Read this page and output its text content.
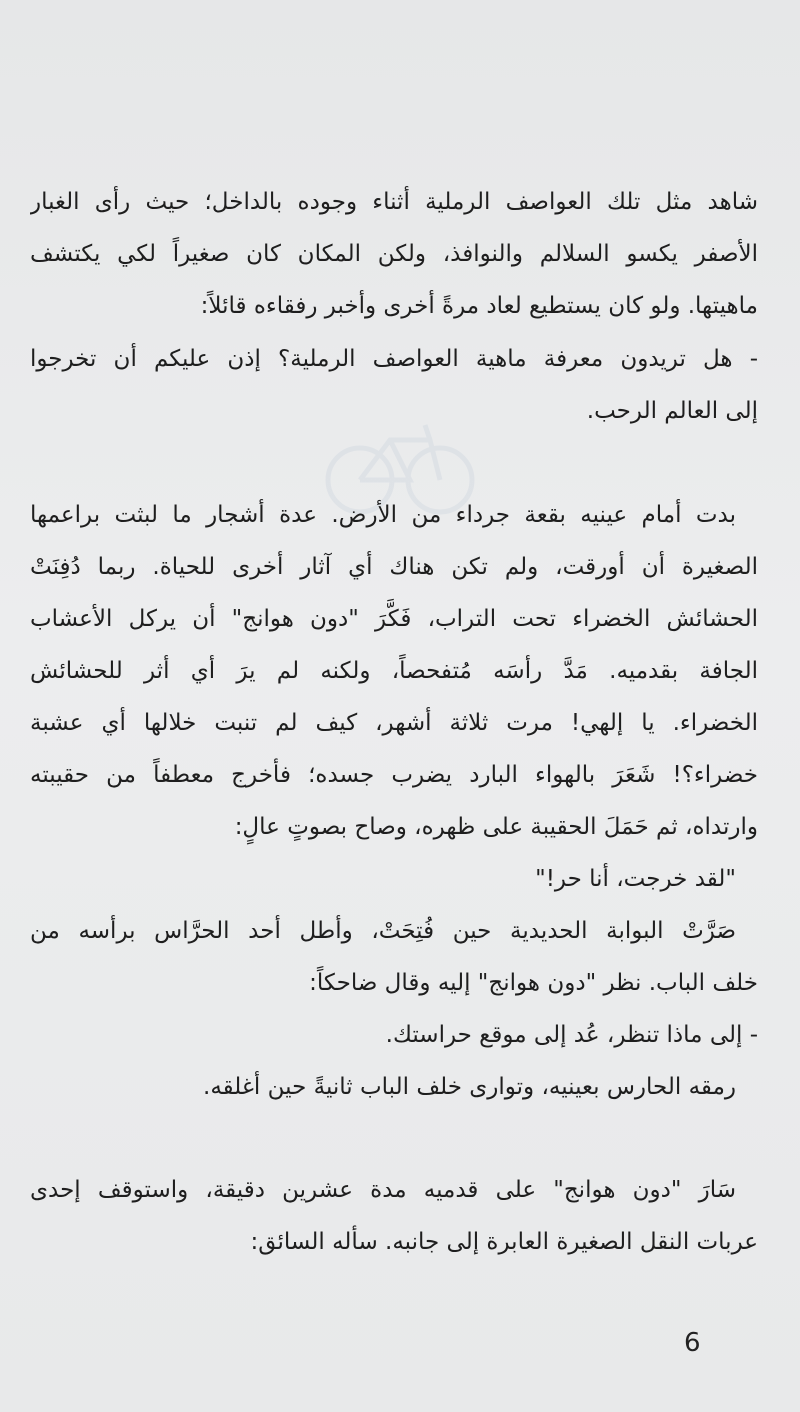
شاهد مثل تلك العواصف الرملية أثناء وجوده بالداخل؛ حيث رأى الغبار
الأصفر يكسو السلالم والنوافذ، ولكن المكان كان صغيراً لكي يكتشف
ماهيتها. ولو كان يستطيع لعاد مرةً أخرى وأخبر رفقاءه قائلاً:
- هل تريدون معرفة ماهية العواصف الرملية؟ إذن عليكم أن تخرجوا
إلى العالم الرحب.
بدت أمام عينيه بقعة جرداء من الأرض. عدة أشجار ما لبثت براعمها
الصغيرة أن أورقت، ولم تكن هناك أي آثار أخرى للحياة. ربما دُفِنَتْ
الحشائش الخضراء تحت التراب، فَكَّرَ "دون هوانج" أن يركل الأعشاب
الجافة بقدميه. مَدَّ رأسَه مُتفحصاً، ولكنه لم يرَ أي أثر للحشائش
الخضراء. يا إلهي! مرت ثلاثة أشهر، كيف لم تنبت خلالها أي عشبة
خضراء؟! شَعَرَ بالهواء البارد يضرب جسده؛ فأخرج معطفاً من حقيبته
وارتداه، ثم حَمَلَ الحقيبة على ظهره، وصاح بصوتٍ عالٍ:
"لقد خرجت، أنا حر!"
صَرَّتْ البوابة الحديدية حين فُتِحَتْ، وأطل أحد الحرَّاس برأسه من
خلف الباب. نظر "دون هوانج" إليه وقال ضاحكاً:
- إلى ماذا تنظر، عُد إلى موقع حراستك.
رمقه الحارس بعينيه، وتوارى خلف الباب ثانيةً حين أغلقه.
سَارَ "دون هوانج" على قدميه مدة عشرين دقيقة، واستوقف إحدى
عربات النقل الصغيرة العابرة إلى جانبه. سأله السائق:
6
